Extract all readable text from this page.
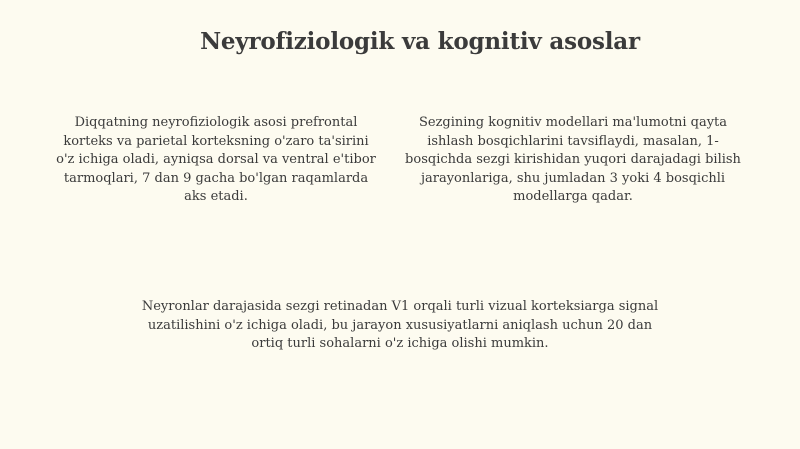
Neyrofiziologik va kognitiv asoslar
Diqqatning neyrofiziologik asosi prefrontal korteks va parietal korteksning o'zaro ta'sirini o'z ichiga oladi, ayniqsa dorsal va ventral e'tibor tarmoqlari, 7 dan 9 gacha bo'lgan raqamlarda aks etadi.
Sezgining kognitiv modellari ma'lumotni qayta ishlash bosqichlarini tavsiflaydi, masalan, 1-bosqichda sezgi kirishidan yuqori darajadagi bilish jarayonlariga, shu jumladan 3 yoki 4 bosqichli modellarga qadar.
Neyronlar darajasida sezgi retinadan V1 orqali turli vizual korteksiarga signal uzatilishini o'z ichiga oladi, bu jarayon xususiyatlarni aniqlash uchun 20 dan ortiq turli sohalarni o'z ichiga olishi mumkin.
